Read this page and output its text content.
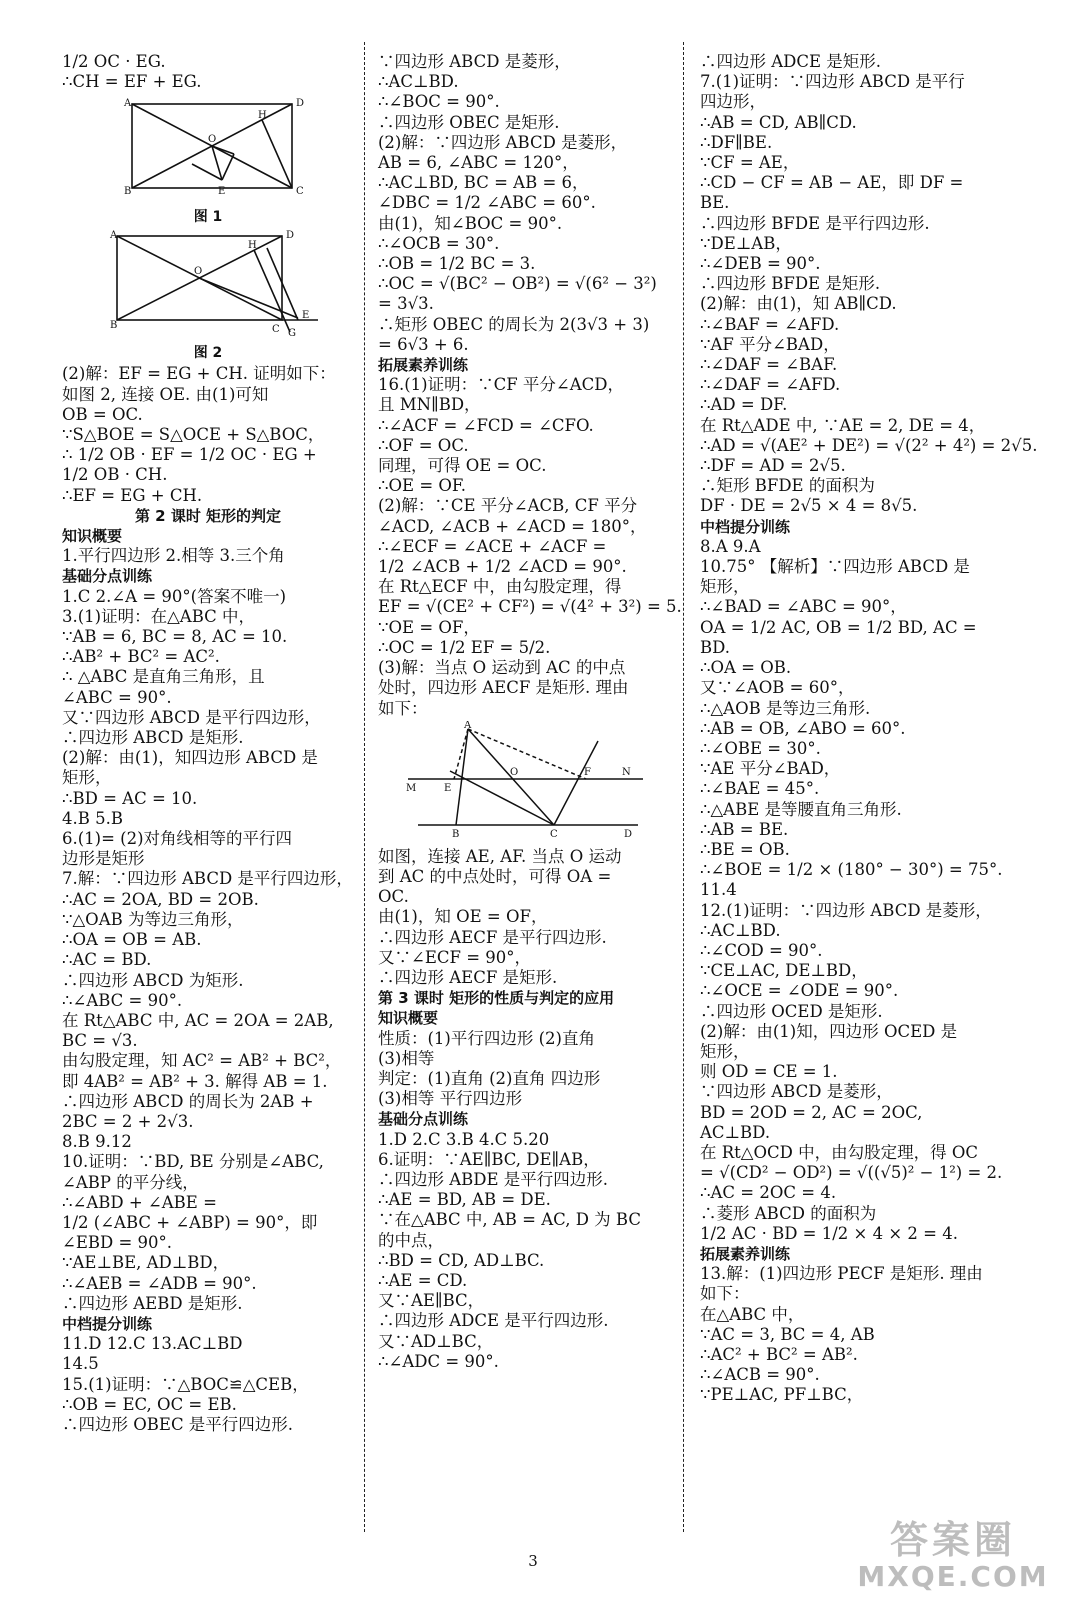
1/2 OC · EG.
∴CH = EF + EG.
A	D
B	C
O
H
E
图 1
A	D
B	C
O
H
E
G
图 2
(2)解：EF = EG + CH. 证明如下：
如图 2, 连接 OE. 由(1)可知
OB = OC.
∵S△BOE = S△OCE + S△BOC，
∴ 1/2 OB · EF = 1/2 OC · EG +
1/2 OB · CH.
∴EF = EG + CH.
第 2 课时 矩形的判定
知识概要
1.平行四边形 2.相等 3.三个角
基础分点训练
1.C 2.∠A = 90°(答案不唯一)
3.(1)证明：在△ABC 中，
∵AB = 6, BC = 8, AC = 10.
∴AB² + BC² = AC².
∴ △ABC 是直角三角形，且
∠ABC = 90°.
又∵四边形 ABCD 是平行四边形，
∴四边形 ABCD 是矩形.
(2)解：由(1)，知四边形 ABCD 是
矩形，
∴BD = AC = 10.
4.B 5.B
6.(1)= (2)对角线相等的平行四
边形是矩形
7.解：∵四边形 ABCD 是平行四边形，
∴AC = 2OA, BD = 2OB.
∵△OAB 为等边三角形，
∴OA = OB = AB.
∴AC = BD.
∴四边形 ABCD 为矩形.
∴∠ABC = 90°.
在 Rt△ABC 中, AC = 2OA = 2AB,
BC = √3.
由勾股定理，知 AC² = AB² + BC²，
即 4AB² = AB² + 3. 解得 AB = 1.
∴四边形 ABCD 的周长为 2AB +
2BC = 2 + 2√3.
8.B 9.12
10.证明：∵BD, BE 分别是∠ABC,
∠ABP 的平分线，
∴∠ABD + ∠ABE =
1/2 (∠ABC + ∠ABP) = 90°，即
∠EBD = 90°.
∵AE⊥BE, AD⊥BD，
∴∠AEB = ∠ADB = 90°.
∴四边形 AEBD 是矩形.
中档提分训练
11.D 12.C 13.AC⊥BD
14.5
15.(1)证明：∵△BOC≌△CEB，
∴OB = EC, OC = EB.
∴四边形 OBEC 是平行四边形.
∵四边形 ABCD 是菱形，
∴AC⊥BD.
∴∠BOC = 90°.
∴四边形 OBEC 是矩形.
(2)解：∵四边形 ABCD 是菱形，
AB = 6, ∠ABC = 120°，
∴AC⊥BD, BC = AB = 6，
∠DBC = 1/2 ∠ABC = 60°.
由(1)，知∠BOC = 90°.
∴∠OCB = 30°.
∴OB = 1/2 BC = 3.
∴OC = √(BC² − OB²) = √(6² − 3²)
= 3√3.
∴矩形 OBEC 的周长为 2(3√3 + 3)
= 6√3 + 6.
拓展素养训练
16.(1)证明：∵CF 平分∠ACD，
且 MN∥BD，
∴∠ACF = ∠FCD = ∠CFO.
∴OF = OC.
同理，可得 OE = OC.
∴OE = OF.
(2)解：∵CE 平分∠ACB, CF 平分
∠ACD, ∠ACB + ∠ACD = 180°，
∴∠ECF = ∠ACE + ∠ACF =
1/2 ∠ACB + 1/2 ∠ACD = 90°.
在 Rt△ECF 中，由勾股定理，得
EF = √(CE² + CF²) = √(4² + 3²) = 5.
∵OE = OF，
∴OC = 1/2 EF = 5/2.
(3)解：当点 O 运动到 AC 的中点
处时，四边形 AECF 是矩形. 理由
如下：
A
O	F	N
M	E
B	C	D
如图，连接 AE, AF. 当点 O 运动
到 AC 的中点处时，可得 OA =
OC.
由(1)，知 OE = OF，
∴四边形 AECF 是平行四边形.
又∵∠ECF = 90°，
∴四边形 AECF 是矩形.
第 3 课时 矩形的性质与判定的应用
知识概要
性质：(1)平行四边形 (2)直角
(3)相等
判定：(1)直角 (2)直角 四边形
(3)相等 平行四边形
基础分点训练
1.D 2.C 3.B 4.C 5.20
6.证明：∵AE∥BC, DE∥AB，
∴四边形 ABDE 是平行四边形.
∴AE = BD, AB = DE.
∵在△ABC 中, AB = AC, D 为 BC
的中点，
∴BD = CD, AD⊥BC.
∴AE = CD.
又∵AE∥BC，
∴四边形 ADCE 是平行四边形.
又∵AD⊥BC，
∴∠ADC = 90°.
∴四边形 ADCE 是矩形.
7.(1)证明：∵四边形 ABCD 是平行
四边形，
∴AB = CD, AB∥CD.
∴DF∥BE.
∵CF = AE，
∴CD − CF = AB − AE，即 DF =
BE.
∴四边形 BFDE 是平行四边形.
∵DE⊥AB，
∴∠DEB = 90°.
∴四边形 BFDE 是矩形.
(2)解：由(1)，知 AB∥CD.
∴∠BAF = ∠AFD.
∵AF 平分∠BAD，
∴∠DAF = ∠BAF.
∴∠DAF = ∠AFD.
∴AD = DF.
在 Rt△ADE 中, ∵AE = 2, DE = 4，
∴AD = √(AE² + DE²) = √(2² + 4²) = 2√5.
∴DF = AD = 2√5.
∴矩形 BFDE 的面积为
DF · DE = 2√5 × 4 = 8√5.
中档提分训练
8.A 9.A
10.75° 【解析】∵四边形 ABCD 是
矩形，
∴∠BAD = ∠ABC = 90°，
OA = 1/2 AC, OB = 1/2 BD, AC =
BD.
∴OA = OB.
又∵∠AOB = 60°，
∴△AOB 是等边三角形.
∴AB = OB, ∠ABO = 60°.
∴∠OBE = 30°.
∵AE 平分∠BAD，
∴∠BAE = 45°.
∴△ABE 是等腰直角三角形.
∴AB = BE.
∴BE = OB.
∴∠BOE = 1/2 × (180° − 30°) = 75°.
11.4
12.(1)证明：∵四边形 ABCD 是菱形，
∴AC⊥BD.
∴∠COD = 90°.
∵CE⊥AC, DE⊥BD，
∴∠OCE = ∠ODE = 90°.
∴四边形 OCED 是矩形.
(2)解：由(1)知，四边形 OCED 是
矩形，
则 OD = CE = 1.
∵四边形 ABCD 是菱形，
BD = 2OD = 2, AC = 2OC,
AC⊥BD.
在 Rt△OCD 中，由勾股定理，得 OC
= √(CD² − OD²) = √((√5)² − 1²) = 2.
∴AC = 2OC = 4.
∴菱形 ABCD 的面积为
1/2 AC · BD = 1/2 × 4 × 2 = 4.
拓展素养训练
13.解：(1)四边形 PECF 是矩形. 理由
如下：
在△ABC 中，
∵AC = 3, BC = 4, AB
∴AC² + BC² = AB².
∴∠ACB = 90°.
∵PE⊥AC, PF⊥BC，
3	答案圈
MXQE.COM
